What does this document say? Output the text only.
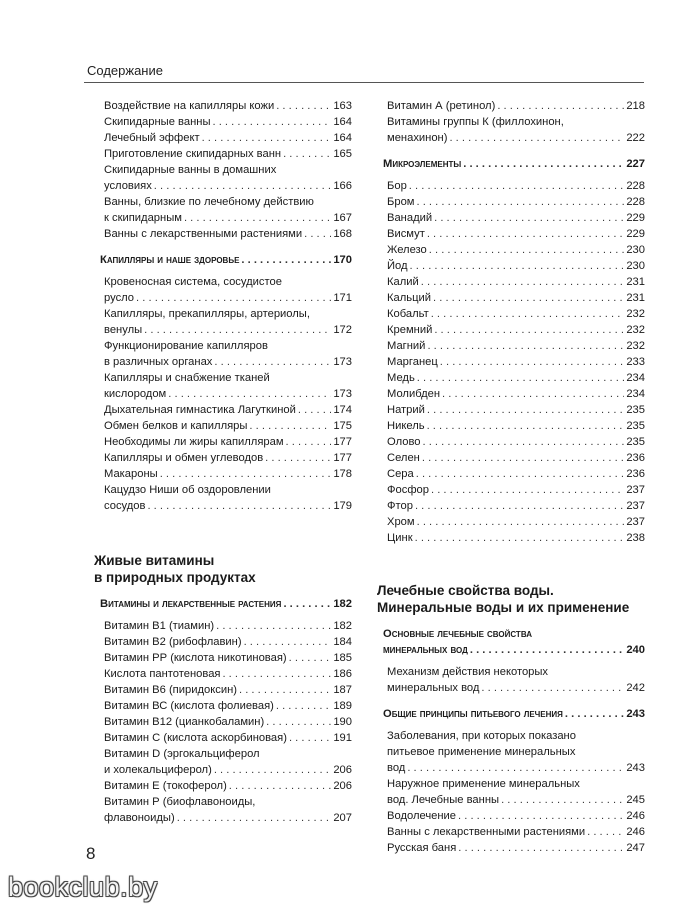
Содержание
Воздействие на капилляры кожи . . .	163
Скипидарные ванны . . .	164
Лечебный эффект . . .	164
Приготовление скипидарных ванн . . .	165
Скипидарные ванны в домашних
условиях . . .	166
Ванны, близкие по лечебному действию
к скипидарным . . .	167
Ванны с лекарственными растениями . . .	168
Капилляры и наше здоровье . . .	170
Кровеносная система, сосудистое
русло . . .	171
Капилляры, прекапилляры, артериолы,
венулы . . .	172
Функционирование капилляров
в различных органах . . .	173
Капилляры и снабжение тканей
кислородом . . .	173
Дыхательная гимнастика Лагуткиной . . .	174
Обмен белков и капилляры . . .	175
Необходимы ли жиры капиллярам . . .	177
Капилляры и обмен углеводов . . .	177
Макароны . . .	178
Кацудзо Ниши об оздоровлении
сосудов . . .	179
Живые витамины
в природных продуктах
Витамины и лекарственные растения . . .	182
Витамин В1 (тиамин) . . .	182
Витамин В2 (рибофлавин) . . .	184
Витамин РР (кислота никотиновая) . . .	185
Кислота пантотеновая . . .	186
Витамин В6 (пиридоксин) . . .	187
Витамин ВС (кислота фолиевая) . . .	189
Витамин В12 (цианкобаламин) . . .	190
Витамин С (кислота аскорбиновая) . . .	191
Витамин D (эргокальциферол
и холекальциферол) . . .	206
Витамин Е (токоферол) . . .	206
Витамин Р (биофлавоноиды,
флавоноиды) . . .	207
Витамин А (ретинол) . . .	218
Витамины группы К (филлохинон,
менахинон) . . .	222
Микроэлементы . . .	227
Бор . . .	228
Бром . . .	228
Ванадий . . .	229
Висмут . . .	229
Железо . . .	230
Йод . . .	230
Калий . . .	231
Кальций . . .	231
Кобальт . . .	232
Кремний . . .	232
Магний . . .	232
Марганец . . .	233
Медь . . .	234
Молибден . . .	234
Натрий . . .	235
Никель . . .	235
Олово . . .	235
Селен . . .	236
Сера . . .	236
Фосфор . . .	237
Фтор . . .	237
Хром . . .	237
Цинк . . .	238
Лечебные свойства воды.
Минеральные воды и их применение
Основные лечебные свойства
минеральных вод . . .	240
Механизм действия некоторых
минеральных вод . . .	242
Общие принципы питьевого лечения . . .	243
Заболевания, при которых показано
питьевое применение минеральных
вод . . .	243
Наружное применение минеральных
вод. Лечебные ванны . . .	245
Водолечение . . .	246
Ванны с лекарственными растениями . . .	246
Русская баня . . .	247
8
bookclub.by
